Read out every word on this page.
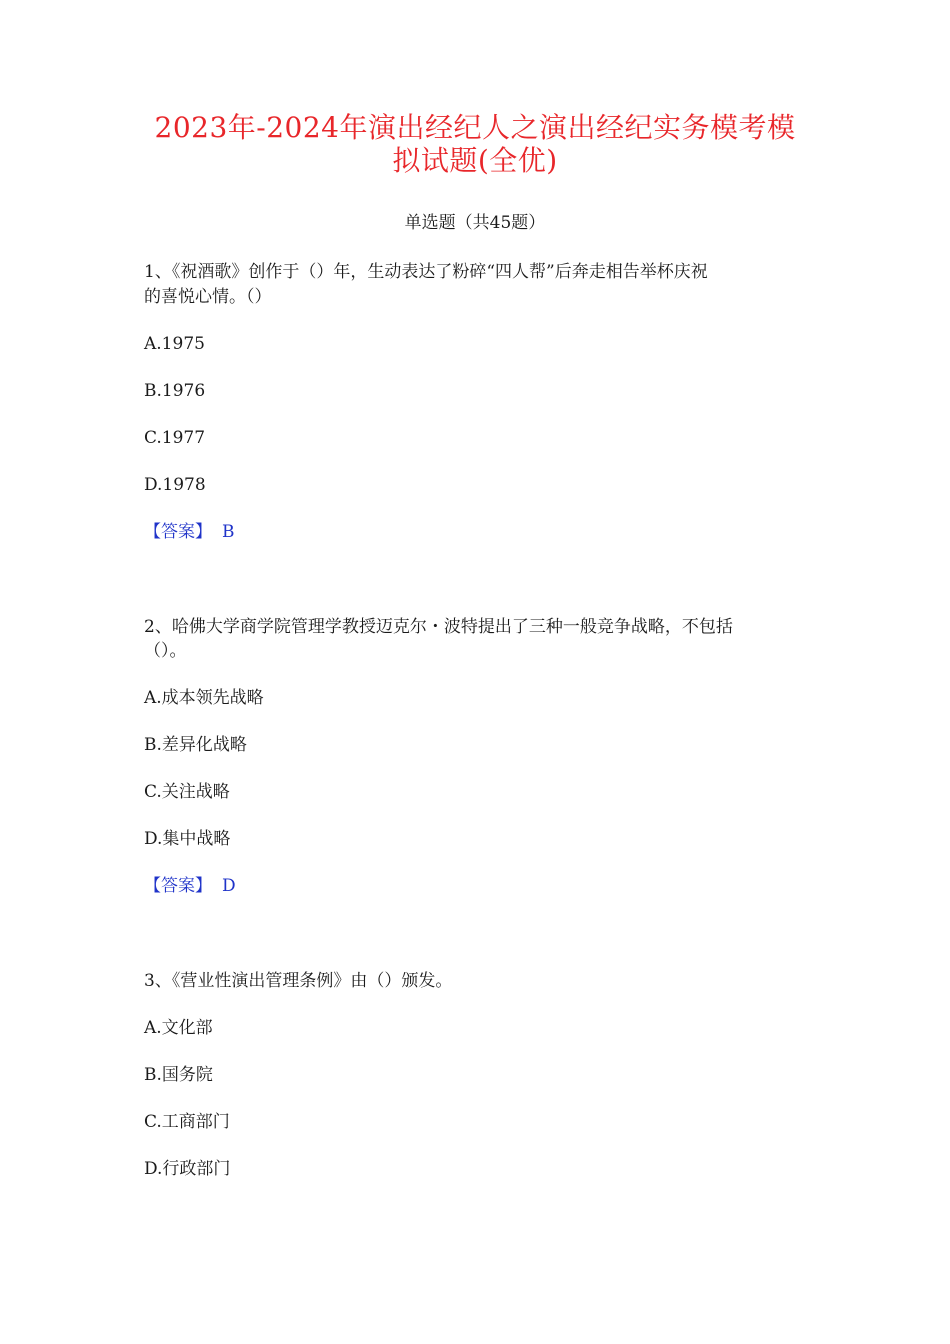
2023年-2024年演出经纪人之演出经纪实务模考模
拟试题(全优)
单选题（共45题）
1、《祝酒歌》创作于（）年，生动表达了粉碎“四人帮”后奔走相告举杯庆祝
的喜悦心情。（）
A.1975
B.1976
C.1977
D.1978
【答案】 B
2、哈佛大学商学院管理学教授迈克尔・波特提出了三种一般竞争战略，不包括
（）。
A.成本领先战略
B.差异化战略
C.关注战略
D.集中战略
【答案】 D
3、《营业性演出管理条例》由（）颁发。
A.文化部
B.国务院
C.工商部门
D.行政部门
